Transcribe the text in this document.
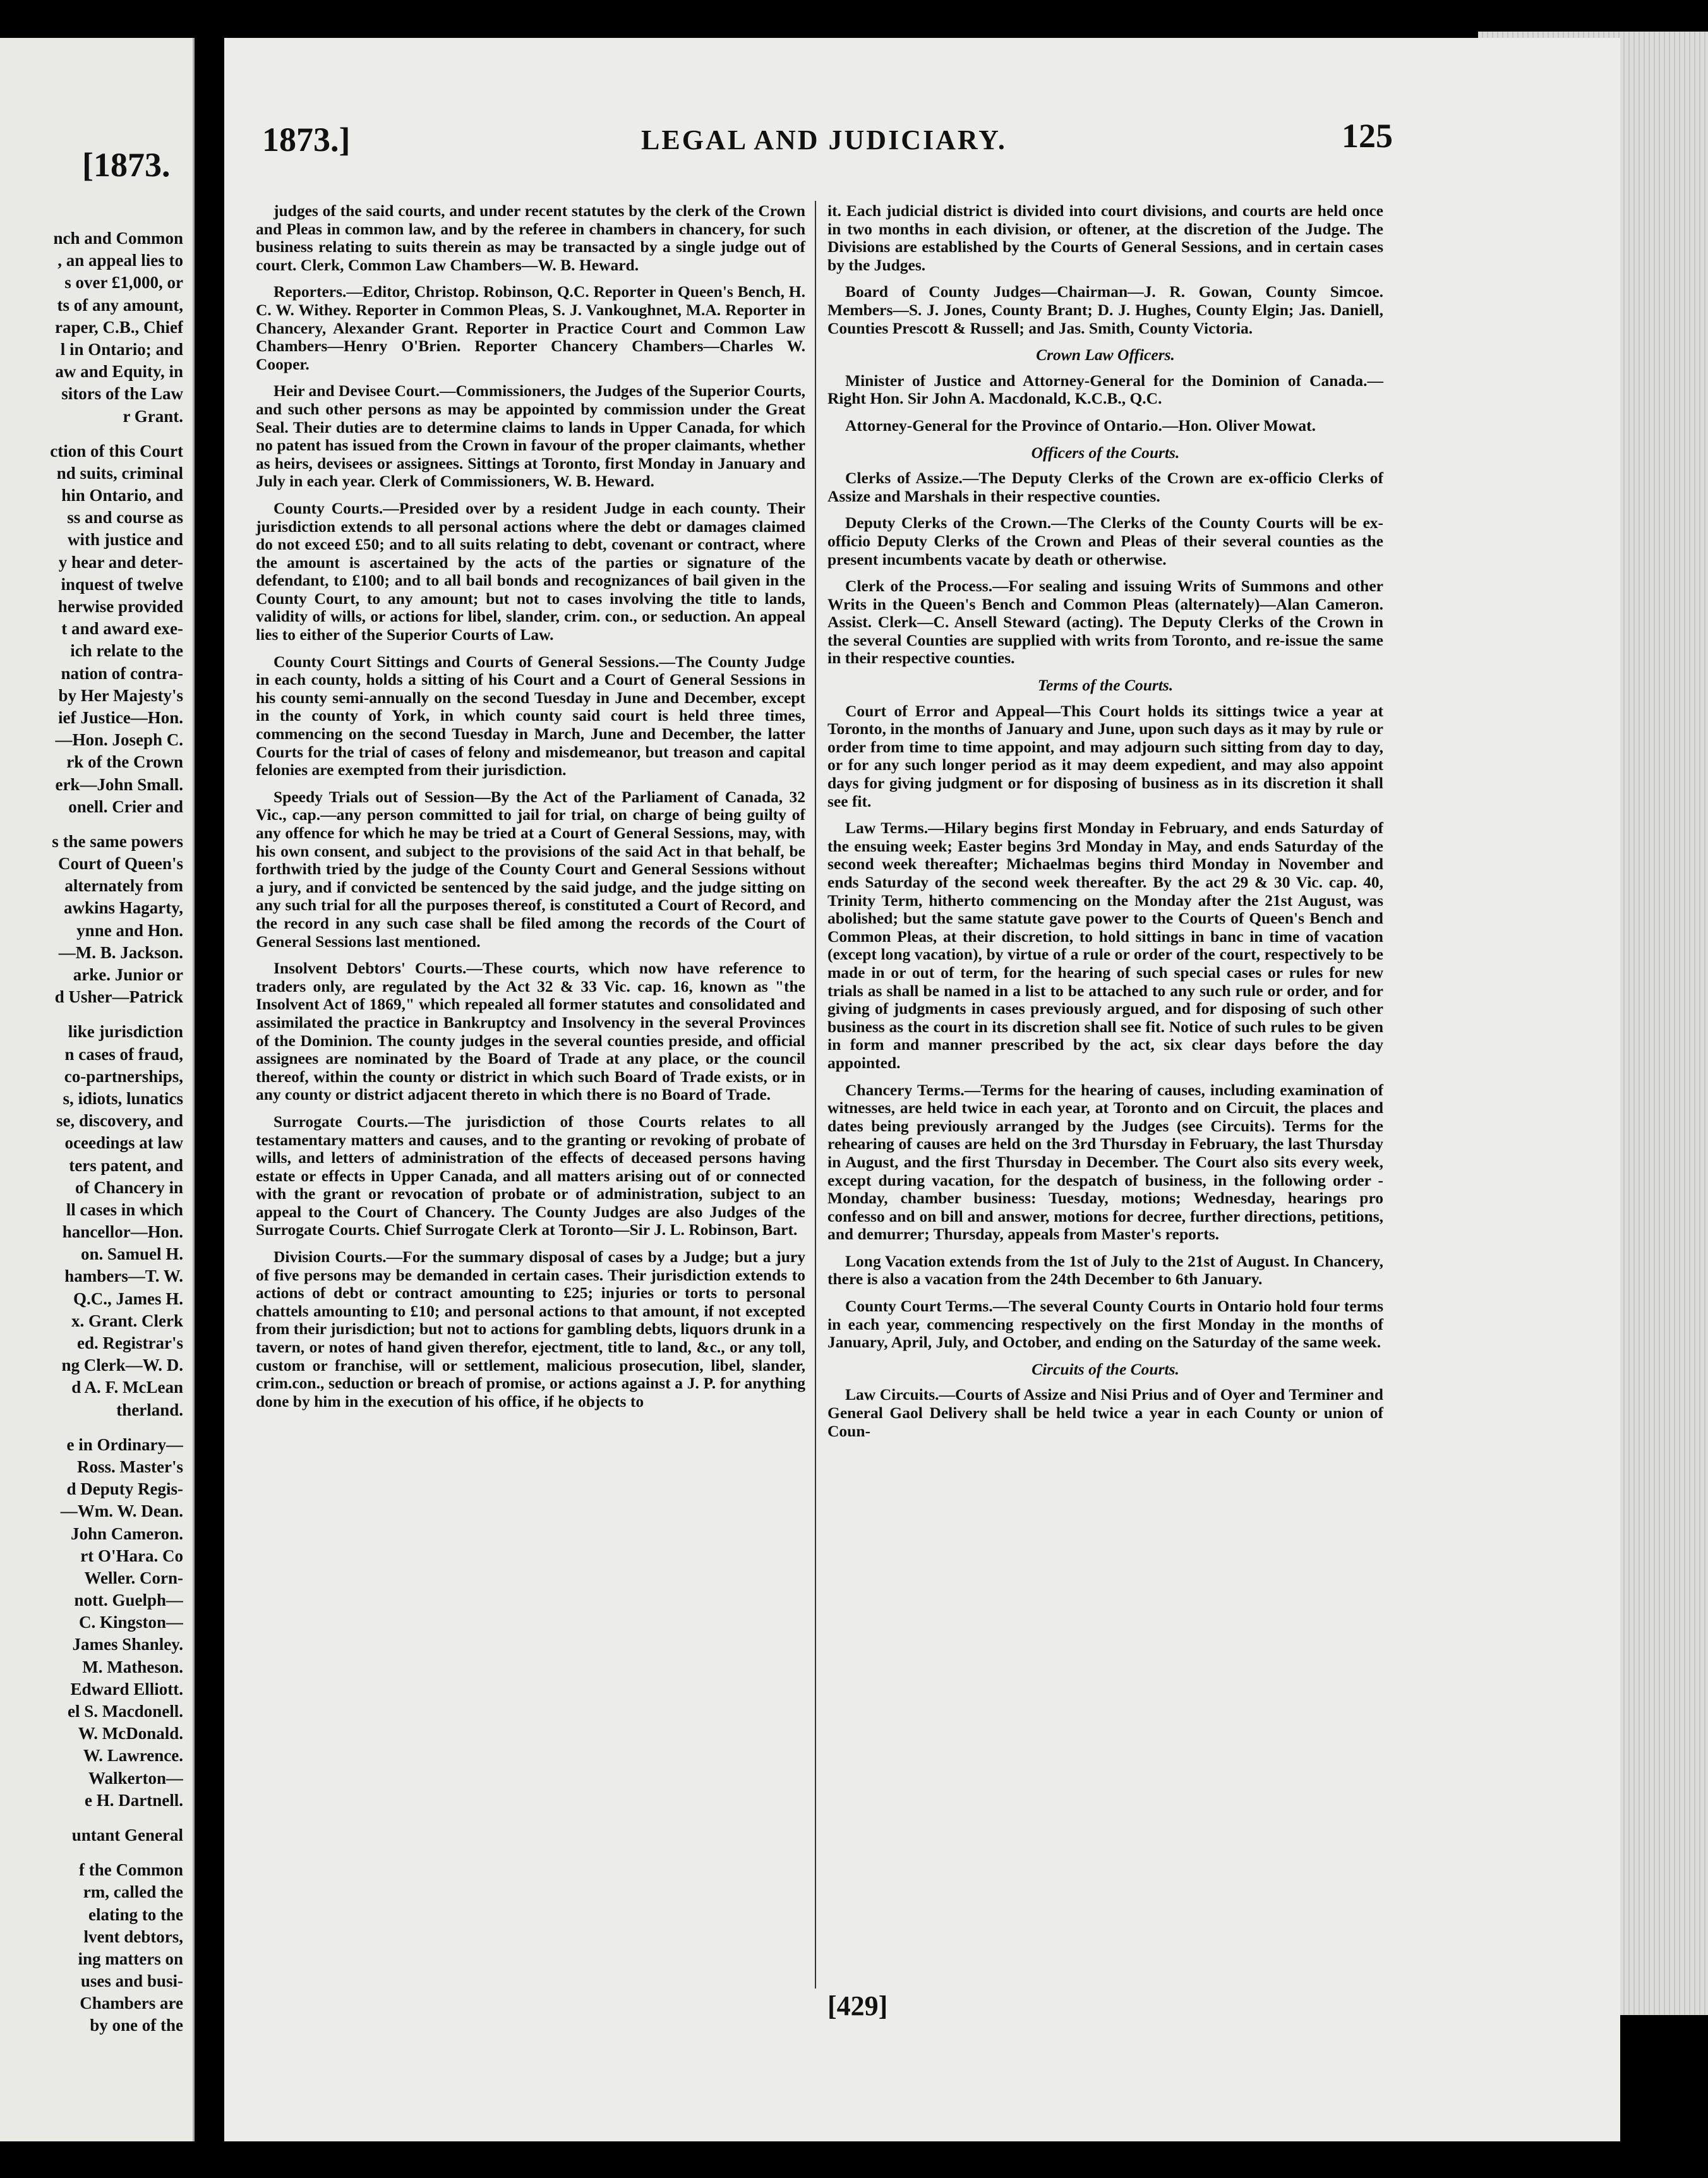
[1873.
nch and Common
, an appeal lies to
s over £1,000, or
ts of any amount,
raper, C.B., Chief
l in Ontario; and
aw and Equity, in
sitors of the Law
r Grant.
ction of this Court
nd suits, criminal
hin Ontario, and
ss and course as
with justice and
y hear and deter-
inquest of twelve
herwise provided
t and award exe-
ich relate to the
nation of contra-
by Her Majesty's
ief Justice—Hon.
—Hon. Joseph C.
rk of the Crown
erk—John Small.
onell. Crier and
s the same powers
Court of Queen's
alternately from
awkins Hagarty,
ynne and Hon.
—M. B. Jackson.
arke. Junior or
d Usher—Patrick
like jurisdiction
n cases of fraud,
co-partnerships,
s, idiots, lunatics
se, discovery, and
oceedings at law
ters patent, and
of Chancery in
ll cases in which
hancellor—Hon.
on. Samuel H.
hambers—T. W.
Q.C., James H.
x. Grant. Clerk
ed. Registrar's
ng Clerk—W. D.
d A. F. McLean
therland.
e in Ordinary—
Ross. Master's
d Deputy Regis-
—Wm. W. Dean.
John Cameron.
rt O'Hara. Co
Weller. Corn-
nott. Guelph—
C. Kingston—
James Shanley.
M. Matheson.
Edward Elliott.
el S. Macdonell.
W. McDonald.
W. Lawrence.
Walkerton—
e H. Dartnell.
untant General
f the Common
rm, called the
elating to the
lvent debtors,
ing matters on
uses and busi-
Chambers are
by one of the
1873.]	LEGAL AND JUDICIARY.	125

judges of the said courts, and under recent statutes by the clerk of the Crown and Pleas in common law, and by the referee in chambers in chancery, for such business relating to suits therein as may be transacted by a single judge out of court. Clerk, Common Law Chambers—W. B. Heward.

Reporters.—Editor, Christop. Robinson, Q.C. Reporter in Queen's Bench, H. C. W. Withey. Reporter in Common Pleas, S. J. Vankoughnet, M.A. Reporter in Chancery, Alexander Grant. Reporter in Practice Court and Common Law Chambers—Henry O'Brien. Reporter Chancery Chambers—Charles W. Cooper.

Heir and Devisee Court.—Commissioners, the Judges of the Superior Courts, and such other persons as may be appointed by commission under the Great Seal. Their duties are to determine claims to lands in Upper Canada, for which no patent has issued from the Crown in favour of the proper claimants, whether as heirs, devisees or assignees. Sittings at Toronto, first Monday in January and July in each year. Clerk of Commissioners, W. B. Heward.

County Courts.—Presided over by a resident Judge in each county. Their jurisdiction extends to all personal actions where the debt or damages claimed do not exceed £50; and to all suits relating to debt, covenant or contract, where the amount is ascertained by the acts of the parties or signature of the defendant, to £100; and to all bail bonds and recognizances of bail given in the County Court, to any amount; but not to cases involving the title to lands, validity of wills, or actions for libel, slander, crim. con., or seduction. An appeal lies to either of the Superior Courts of Law.

County Court Sittings and Courts of General Sessions.—The County Judge in each county, holds a sitting of his Court and a Court of General Sessions in his county semi-annually on the second Tuesday in June and December, except in the county of York, in which county said court is held three times, commencing on the second Tuesday in March, June and December, the latter Courts for the trial of cases of felony and misdemeanor, but treason and capital felonies are exempted from their jurisdiction.

Speedy Trials out of Session—By the Act of the Parliament of Canada, 32 Vic., cap.—any person committed to jail for trial, on charge of being guilty of any offence for which he may be tried at a Court of General Sessions, may, with his own consent, and subject to the provisions of the said Act in that behalf, be forthwith tried by the judge of the County Court and General Sessions without a jury, and if convicted be sentenced by the said judge, and the judge sitting on any such trial for all the purposes thereof, is constituted a Court of Record, and the record in any such case shall be filed among the records of the Court of General Sessions last mentioned.

Insolvent Debtors' Courts.—These courts, which now have reference to traders only, are regulated by the Act 32 & 33 Vic. cap. 16, known as "the Insolvent Act of 1869," which repealed all former statutes and consolidated and assimilated the practice in Bankruptcy and Insolvency in the several Provinces of the Dominion. The county judges in the several counties preside, and official assignees are nominated by the Board of Trade at any place, or the council thereof, within the county or district in which such Board of Trade exists, or in any county or district adjacent thereto in which there is no Board of Trade.

Surrogate Courts.—The jurisdiction of those Courts relates to all testamentary matters and causes, and to the granting or revoking of probate of wills, and letters of administration of the effects of deceased persons having estate or effects in Upper Canada, and all matters arising out of or connected with the grant or revocation of probate or of administration, subject to an appeal to the Court of Chancery. The County Judges are also Judges of the Surrogate Courts. Chief Surrogate Clerk at Toronto—Sir J. L. Robinson, Bart.

Division Courts.—For the summary disposal of cases by a Judge; but a jury of five persons may be demanded in certain cases. Their jurisdiction extends to actions of debt or contract amounting to £25; injuries or torts to personal chattels amounting to £10; and personal actions to that amount, if not excepted from their jurisdiction; but not to actions for gambling debts, liquors drunk in a tavern, or notes of hand given therefor, ejectment, title to land, &c., or any toll, custom or franchise, will or settlement, malicious prosecution, libel, slander, crim.con., seduction or breach of promise, or actions against a J. P. for anything done by him in the execution of his office, if he objects to

it. Each judicial district is divided into court divisions, and courts are held once in two months in each division, or oftener, at the discretion of the Judge. The Divisions are established by the Courts of General Sessions, and in certain cases by the Judges.

Board of County Judges—Chairman—J. R. Gowan, County Simcoe. Members—S. J. Jones, County Brant; D. J. Hughes, County Elgin; Jas. Daniell, Counties Prescott & Russell; and Jas. Smith, County Victoria.

Crown Law Officers.

Minister of Justice and Attorney-General for the Dominion of Canada.—Right Hon. Sir John A. Macdonald, K.C.B., Q.C.

Attorney-General for the Province of Ontario.—Hon. Oliver Mowat.

Officers of the Courts.

Clerks of Assize.—The Deputy Clerks of the Crown are ex-officio Clerks of Assize and Marshals in their respective counties.

Deputy Clerks of the Crown.—The Clerks of the County Courts will be ex-officio Deputy Clerks of the Crown and Pleas of their several counties as the present incumbents vacate by death or otherwise.

Clerk of the Process.—For sealing and issuing Writs of Summons and other Writs in the Queen's Bench and Common Pleas (alternately)—Alan Cameron. Assist. Clerk—C. Ansell Steward (acting). The Deputy Clerks of the Crown in the several Counties are supplied with writs from Toronto, and re-issue the same in their respective counties.

Terms of the Courts.

Court of Error and Appeal—This Court holds its sittings twice a year at Toronto, in the months of January and June, upon such days as it may by rule or order from time to time appoint, and may adjourn such sitting from day to day, or for any such longer period as it may deem expedient, and may also appoint days for giving judgment or for disposing of business as in its discretion it shall see fit.

Law Terms.—Hilary begins first Monday in February, and ends Saturday of the ensuing week; Easter begins 3rd Monday in May, and ends Saturday of the second week thereafter; Michaelmas begins third Monday in November and ends Saturday of the second week thereafter. By the act 29 & 30 Vic. cap. 40, Trinity Term, hitherto commencing on the Monday after the 21st August, was abolished; but the same statute gave power to the Courts of Queen's Bench and Common Pleas, at their discretion, to hold sittings in banc in time of vacation (except long vacation), by virtue of a rule or order of the court, respectively to be made in or out of term, for the hearing of such special cases or rules for new trials as shall be named in a list to be attached to any such rule or order, and for giving of judgments in cases previously argued, and for disposing of such other business as the court in its discretion shall see fit. Notice of such rules to be given in form and manner prescribed by the act, six clear days before the day appointed.

Chancery Terms.—Terms for the hearing of causes, including examination of witnesses, are held twice in each year, at Toronto and on Circuit, the places and dates being previously arranged by the Judges (see Circuits). Terms for the rehearing of causes are held on the 3rd Thursday in February, the last Thursday in August, and the first Thursday in December. The Court also sits every week, except during vacation, for the despatch of business, in the following order - Monday, chamber business: Tuesday, motions; Wednesday, hearings pro confesso and on bill and answer, motions for decree, further directions, petitions, and demurrer; Thursday, appeals from Master's reports.

Long Vacation extends from the 1st of July to the 21st of August. In Chancery, there is also a vacation from the 24th December to 6th January.

County Court Terms.—The several County Courts in Ontario hold four terms in each year, commencing respectively on the first Monday in the months of January, April, July, and October, and ending on the Saturday of the same week.

Circuits of the Courts.

Law Circuits.—Courts of Assize and Nisi Prius and of Oyer and Terminer and General Gaol Delivery shall be held twice a year in each County or union of Coun-

[429]
